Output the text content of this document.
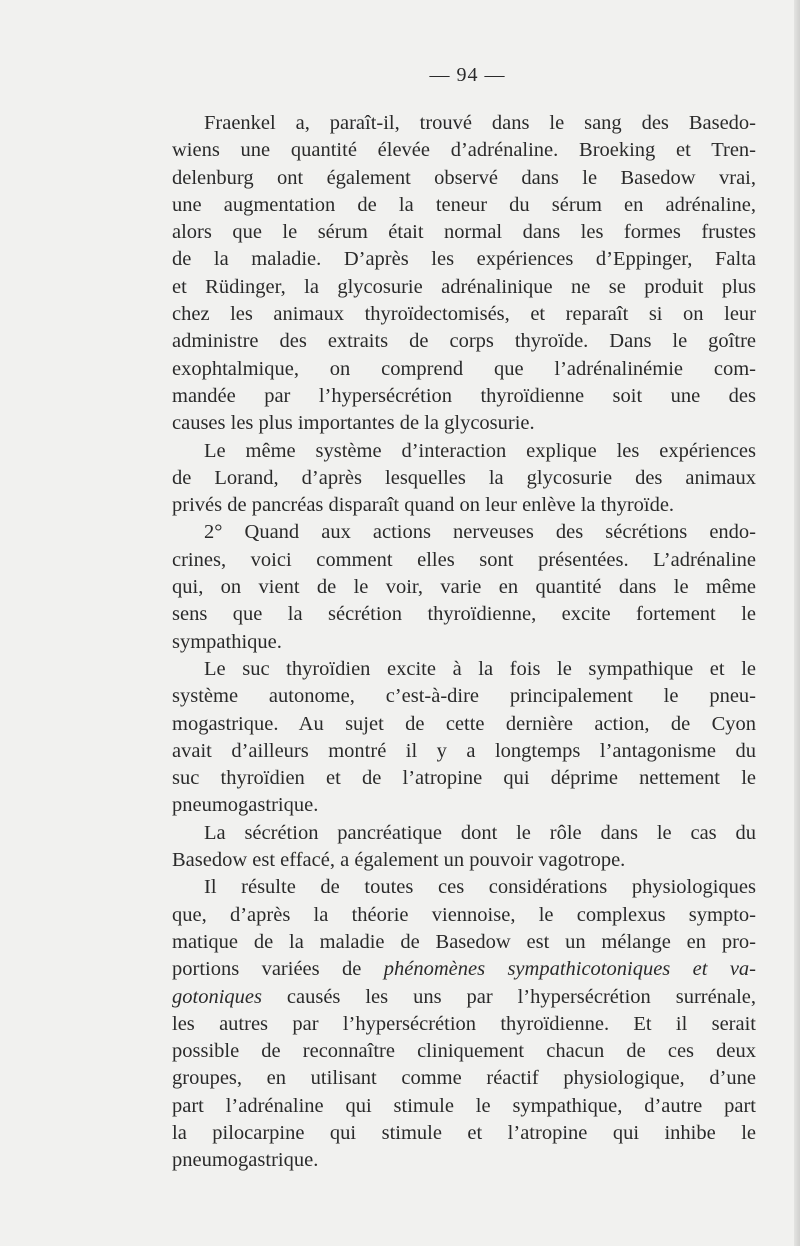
— 94 —
Fraenkel a, paraît-il, trouvé dans le sang des Basedo-
wiens une quantité élevée d’adrénaline. Broeking et Tren-
delenburg ont également observé dans le Basedow vrai,
une augmentation de la teneur du sérum en adrénaline,
alors que le sérum était normal dans les formes frustes
de la maladie. D’après les expériences d’Eppinger, Falta
et Rüdinger, la glycosurie adrénalinique ne se produit plus
chez les animaux thyroïdectomisés, et reparaît si on leur
administre des extraits de corps thyroïde. Dans le goître
exophtalmique, on comprend que l’adrénalinémie com-
mandée par l’hypersécrétion thyroïdienne soit une des
causes les plus importantes de la glycosurie.
Le même système d’interaction explique les expériences
de Lorand, d’après lesquelles la glycosurie des animaux
privés de pancréas disparaît quand on leur enlève la thyroïde.
2° Quand aux actions nerveuses des sécrétions endo-
crines, voici comment elles sont présentées. L’adrénaline
qui, on vient de le voir, varie en quantité dans le même
sens que la sécrétion thyroïdienne, excite fortement le
sympathique.
Le suc thyroïdien excite à la fois le sympathique et le
système autonome, c’est-à-dire principalement le pneu-
mogastrique. Au sujet de cette dernière action, de Cyon
avait d’ailleurs montré il y a longtemps l’antagonisme du
suc thyroïdien et de l’atropine qui déprime nettement le
pneumogastrique.
La sécrétion pancréatique dont le rôle dans le cas du
Basedow est effacé, a également un pouvoir vagotrope.
Il résulte de toutes ces considérations physiologiques
que, d’après la théorie viennoise, le complexus sympto-
matique de la maladie de Basedow est un mélange en pro-
portions variées de phénomènes sympathicotoniques et va-
gotoniques causés les uns par l’hypersécrétion surrénale,
les autres par l’hypersécrétion thyroïdienne. Et il serait
possible de reconnaître cliniquement chacun de ces deux
groupes, en utilisant comme réactif physiologique, d’une
part l’adrénaline qui stimule le sympathique, d’autre part
la pilocarpine qui stimule et l’atropine qui inhibe le
pneumogastrique.
